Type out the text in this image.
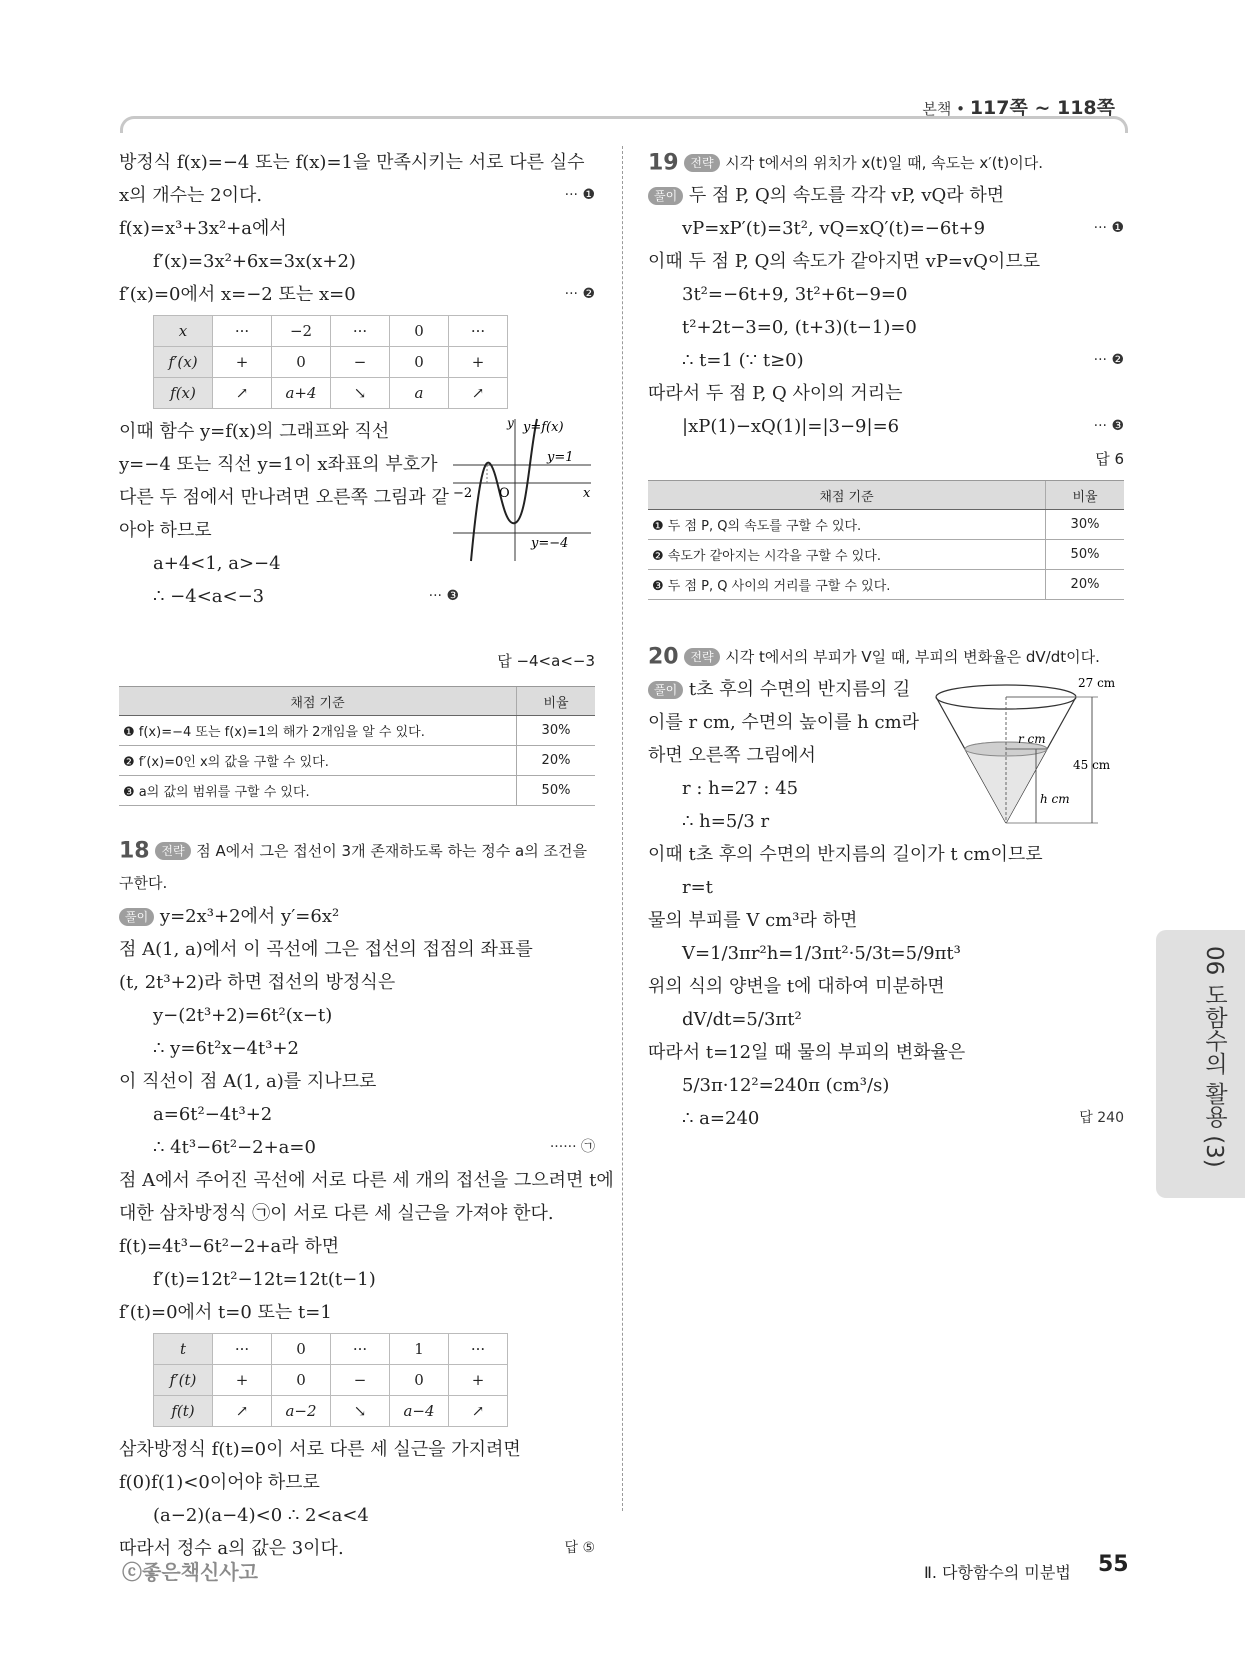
본책 • 117쪽 ~ 118쪽
방정식 f(x)=−4 또는 f(x)=1을 만족시키는 서로 다른 실수
x의 개수는 2이다.	··· ❶
f(x)=x³+3x²+a에서
f′(x)=3x²+6x=3x(x+2)
f′(x)=0에서 x=−2 또는 x=0	··· ❷
x	···	−2	···	0	···
f′(x)	+	0	−	0	+
f(x)	↗	a+4	↘	a	↗
이때 함수 y=f(x)의 그래프와 직선
y=−4 또는 직선 y=1이 x좌표의 부호가
다른 두 점에서 만나려면 오른쪽 그림과 같
아야 하므로
a+4<1, a>−4
∴ −4<a<−3	··· ❸
y y=f(x)
y=1
x
O
−2
y=−4
답 −4<a<−3
채점 기준	비율
❶ f(x)=−4 또는 f(x)=1의 해가 2개임을 알 수 있다.	30%
❷ f′(x)=0인 x의 값을 구할 수 있다.	20%
❸ a의 값의 범위를 구할 수 있다.	50%
18 전략 점 A에서 그은 접선이 3개 존재하도록 하는 정수 a의 조건을
구한다.
풀이 y=2x³+2에서 y′=6x²
점 A(1, a)에서 이 곡선에 그은 접선의 접점의 좌표를
(t, 2t³+2)라 하면 접선의 방정식은
y−(2t³+2)=6t²(x−t)
∴ y=6t²x−4t³+2
이 직선이 점 A(1, a)를 지나므로
a=6t²−4t³+2
∴ 4t³−6t²−2+a=0	······ ㉠
점 A에서 주어진 곡선에 서로 다른 세 개의 접선을 그으려면 t에
대한 삼차방정식 ㉠이 서로 다른 세 실근을 가져야 한다.
f(t)=4t³−6t²−2+a라 하면
f′(t)=12t²−12t=12t(t−1)
f′(t)=0에서 t=0 또는 t=1
t	···	0	···	1	···
f′(t)	+	0	−	0	+
f(t)	↗	a−2	↘	a−4	↗
삼차방정식 f(t)=0이 서로 다른 세 실근을 가지려면
f(0)f(1)<0이어야 하므로
(a−2)(a−4)<0 ∴ 2<a<4
따라서 정수 a의 값은 3이다.	답 ⑤
19 전략 시각 t에서의 위치가 x(t)일 때, 속도는 x′(t)이다.
풀이 두 점 P, Q의 속도를 각각 vP, vQ라 하면
vP=xP′(t)=3t², vQ=xQ′(t)=−6t+9	··· ❶
이때 두 점 P, Q의 속도가 같아지면 vP=vQ이므로
3t²=−6t+9, 3t²+6t−9=0
t²+2t−3=0, (t+3)(t−1)=0
∴ t=1 (∵ t≥0)	··· ❷
따라서 두 점 P, Q 사이의 거리는
|xP(1)−xQ(1)|=|3−9|=6	··· ❸
답 6
채점 기준	비율
❶ 두 점 P, Q의 속도를 구할 수 있다.	30%
❷ 속도가 같아지는 시각을 구할 수 있다.	50%
❸ 두 점 P, Q 사이의 거리를 구할 수 있다.	20%
20 전략 시각 t에서의 부피가 V일 때, 부피의 변화율은 dV/dt이다.
27 cm
r cm
h cm
45 cm
풀이 t초 후의 수면의 반지름의 길
이를 r cm, 수면의 높이를 h cm라
하면 오른쪽 그림에서
r : h=27 : 45
∴ h=5/3 r
이때 t초 후의 수면의 반지름의 길이가 t cm이므로
r=t
물의 부피를 V cm³라 하면
V=1/3πr²h=1/3πt²·5/3t=5/9πt³
위의 식의 양변을 t에 대하여 미분하면
dV/dt=5/3πt²
따라서 t=12일 때 물의 부피의 변화율은
5/3π·12²=240π (cm³/s)
∴ a=240	답 240	06 도함수의 활용 (3)
ⓒ좋은책신사고	Ⅱ. 다항함수의 미분법 55
